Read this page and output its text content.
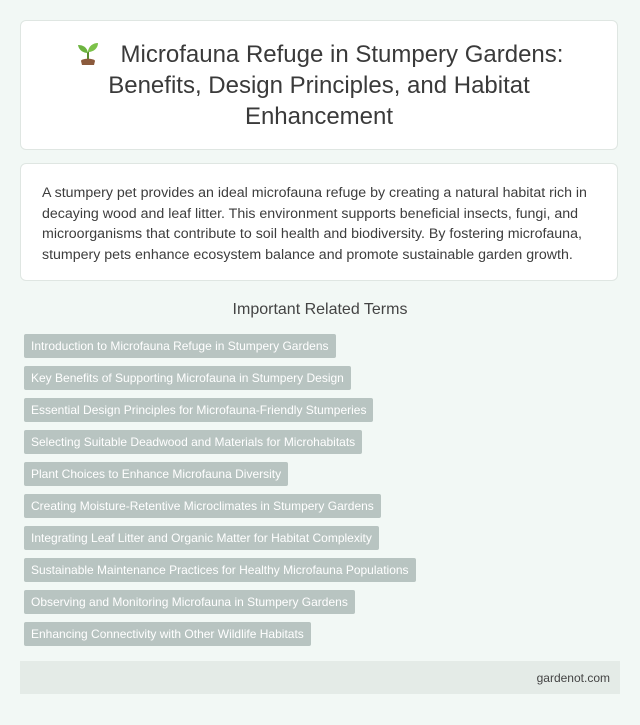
Microfauna Refuge in Stumpery Gardens: Benefits, Design Principles, and Habitat Enhancement

A stumpery pet provides an ideal microfauna refuge by creating a natural habitat rich in decaying wood and leaf litter. This environment supports beneficial insects, fungi, and microorganisms that contribute to soil health and biodiversity. By fostering microfauna, stumpery pets enhance ecosystem balance and promote sustainable garden growth.

Important Related Terms
Introduction to Microfauna Refuge in Stumpery Gardens
Key Benefits of Supporting Microfauna in Stumpery Design
Essential Design Principles for Microfauna-Friendly Stumperies
Selecting Suitable Deadwood and Materials for Microhabitats
Plant Choices to Enhance Microfauna Diversity
Creating Moisture-Retentive Microclimates in Stumpery Gardens
Integrating Leaf Litter and Organic Matter for Habitat Complexity
Sustainable Maintenance Practices for Healthy Microfauna Populations
Observing and Monitoring Microfauna in Stumpery Gardens
Enhancing Connectivity with Other Wildlife Habitats
gardenot.com
